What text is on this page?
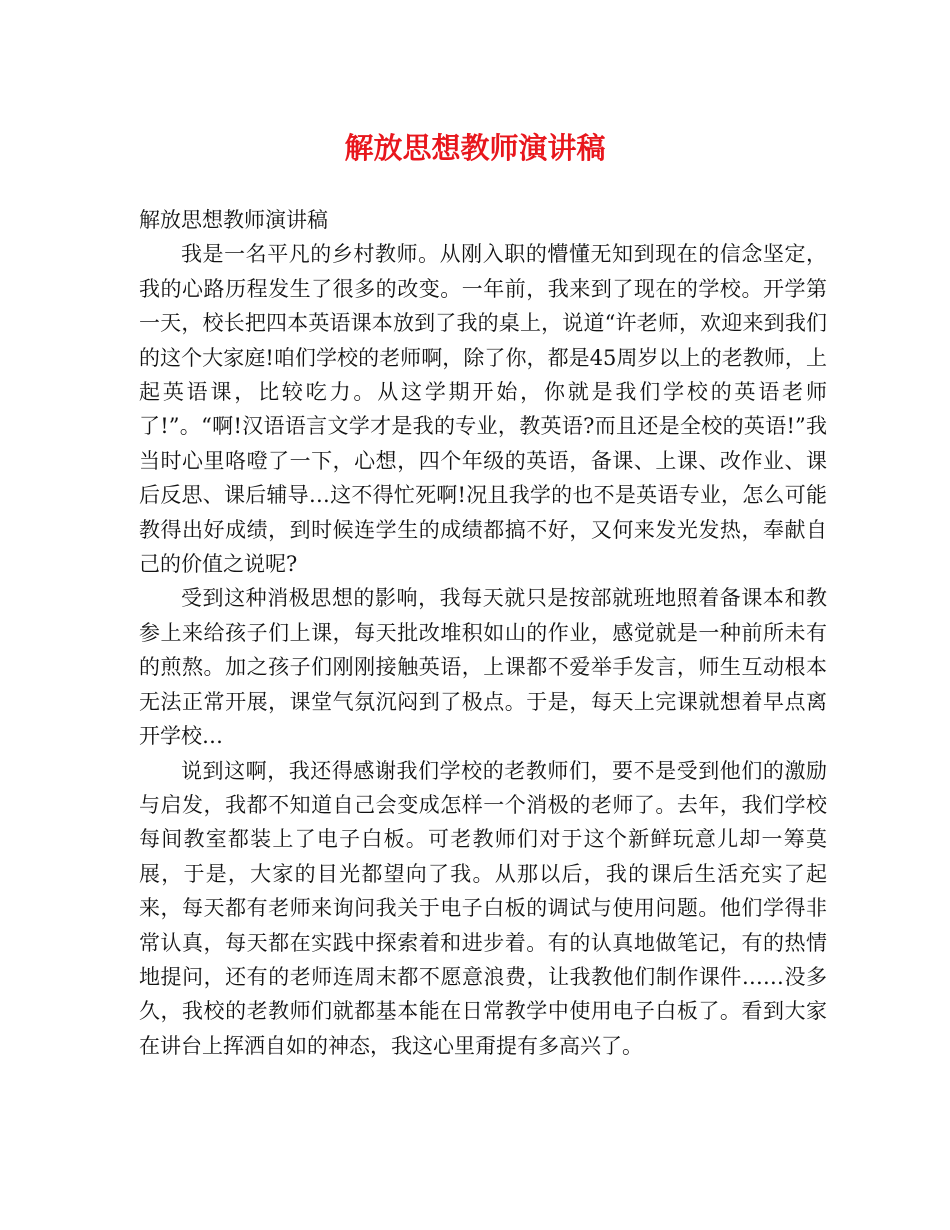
解放思想教师演讲稿

解放思想教师演讲稿

我是一名平凡的乡村教师。从刚入职的懵懂无知到现在的信念坚定，我的心路历程发生了很多的改变。一年前，我来到了现在的学校。开学第一天，校长把四本英语课本放到了我的桌上，说道“许老师，欢迎来到我们的这个大家庭!咱们学校的老师啊，除了你，都是45周岁以上的老教师，上起英语课，比较吃力。从这学期开始，你就是我们学校的英语老师了!”。“啊!汉语语言文学才是我的专业，教英语?而且还是全校的英语!”我当时心里咯噔了一下，心想，四个年级的英语，备课、上课、改作业、课后反思、课后辅导…这不得忙死啊!况且我学的也不是英语专业，怎么可能教得出好成绩，到时候连学生的成绩都搞不好，又何来发光发热，奉献自己的价值之说呢?

受到这种消极思想的影响，我每天就只是按部就班地照着备课本和教参上来给孩子们上课，每天批改堆积如山的作业，感觉就是一种前所未有的煎熬。加之孩子们刚刚接触英语，上课都不爱举手发言，师生互动根本无法正常开展，课堂气氛沉闷到了极点。于是，每天上完课就想着早点离开学校…

说到这啊，我还得感谢我们学校的老教师们，要不是受到他们的激励与启发，我都不知道自己会变成怎样一个消极的老师了。去年，我们学校每间教室都装上了电子白板。可老教师们对于这个新鲜玩意儿却一筹莫展，于是，大家的目光都望向了我。从那以后，我的课后生活充实了起来，每天都有老师来询问我关于电子白板的调试与使用问题。他们学得非常认真，每天都在实践中探索着和进步着。有的认真地做笔记，有的热情地提问，还有的老师连周末都不愿意浪费，让我教他们制作课件……没多久，我校的老教师们就都基本能在日常教学中使用电子白板了。看到大家在讲台上挥洒自如的神态，我这心里甭提有多高兴了。
